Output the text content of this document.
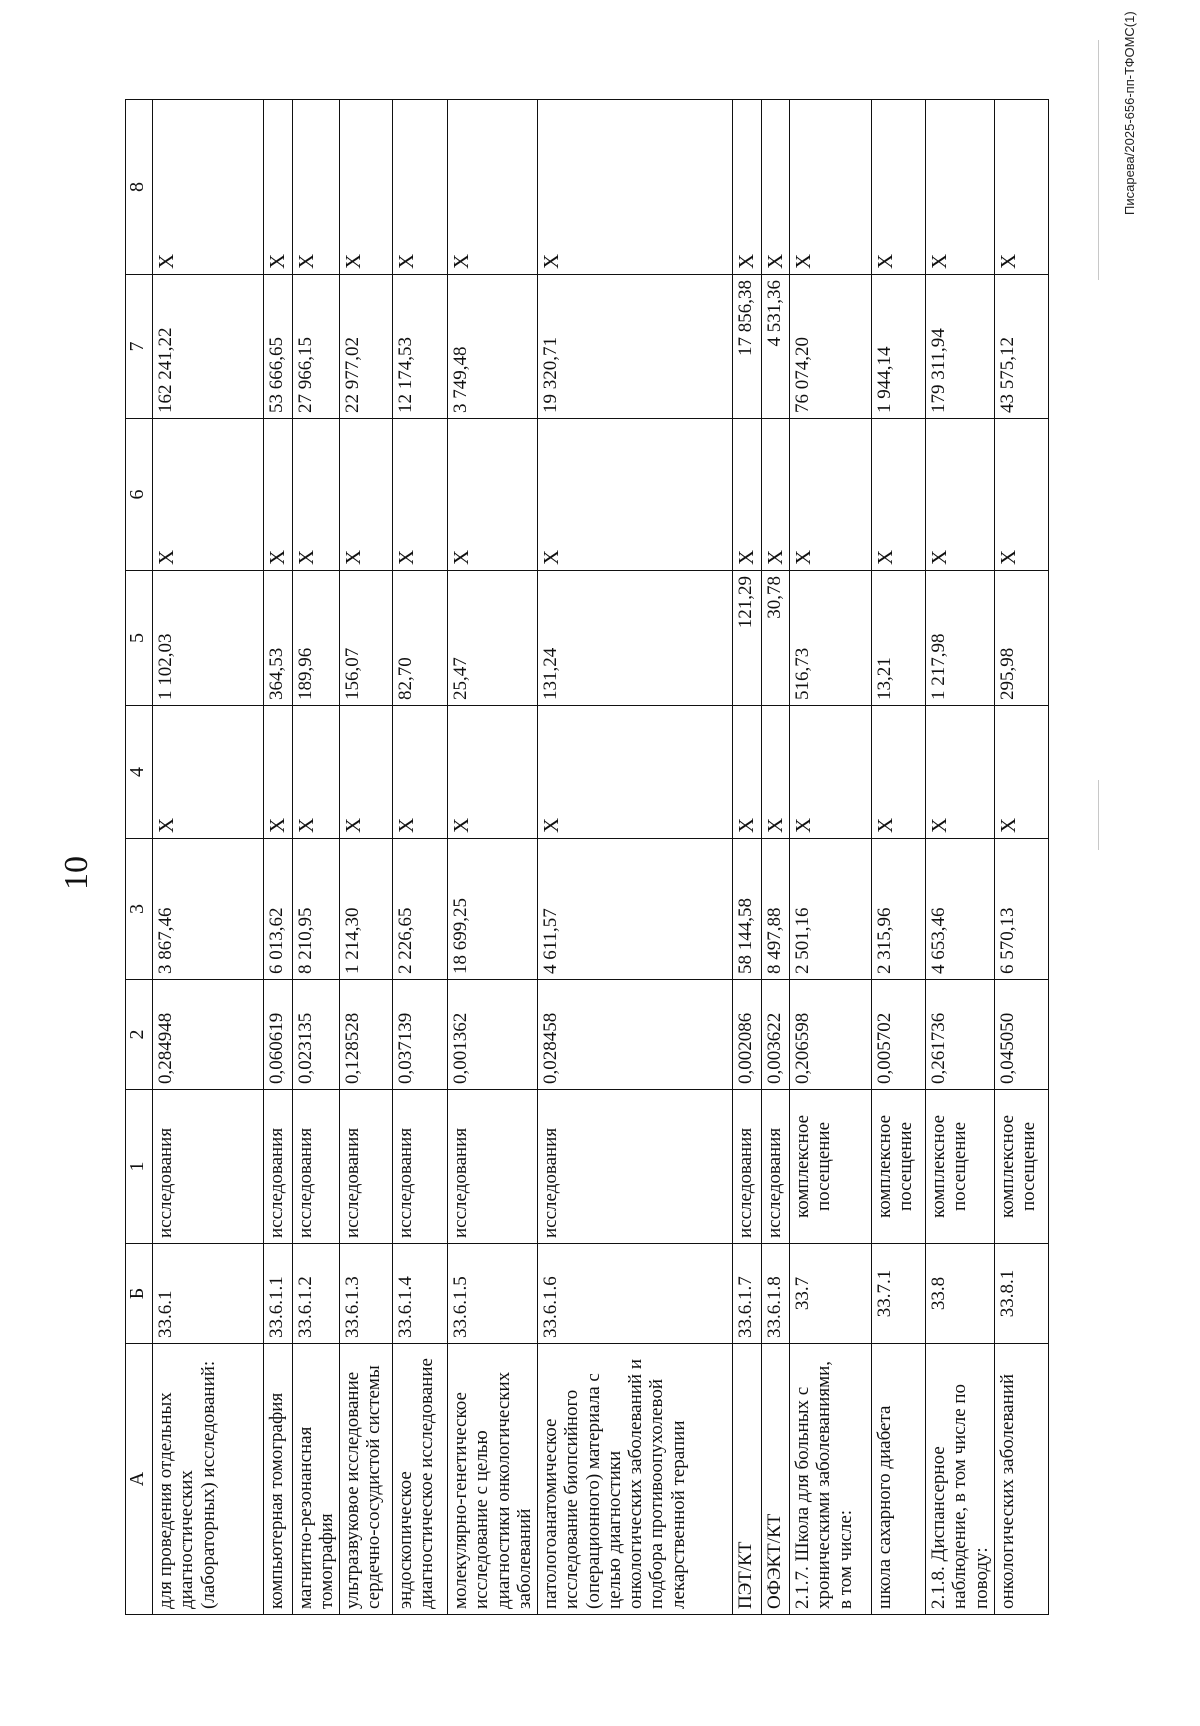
10
Писарева/2025-656-пп-ТФОМС(1)
А	Б	1	2	3	4	5	6	7	8
для проведения отдельных диагностических (лабораторных) исследований:	33.6.1	исследования	0,284948	3 867,46	Х	1 102,03	Х	162 241,22	Х
компьютерная томография	33.6.1.1	исследования	0,060619	6 013,62	Х	364,53	Х	53 666,65	Х
магнитно-резонансная томография	33.6.1.2	исследования	0,023135	8 210,95	Х	189,96	Х	27 966,15	Х
ультразвуковое исследование сердечно-сосудистой системы	33.6.1.3	исследования	0,128528	1 214,30	Х	156,07	Х	22 977,02	Х
эндоскопическое диагностическое исследование	33.6.1.4	исследования	0,037139	2 226,65	Х	82,70	Х	12 174,53	Х
молекулярно-генетическое исследование с целью диагностики онкологических заболеваний	33.6.1.5	исследования	0,001362	18 699,25	Х	25,47	Х	3 749,48	Х
патологоанатомическое исследование биопсийного (операционного) материала с целью диагностики онкологических заболеваний и подбора противоопухолевой лекарственной терапии	33.6.1.6	исследования	0,028458	4 611,57	Х	131,24	Х	19 320,71	Х
ПЭТ/КТ	33.6.1.7	исследования	0,002086	58 144,58	Х	121,29	Х	17 856,38	Х
ОФЭКТ/КТ	33.6.1.8	исследования	0,003622	8 497,88	Х	30,78	Х	4 531,36	Х
2.1.7. Школа для больных с хроническими заболеваниями, в том числе:	33.7	комплексное посещение	0,206598	2 501,16	Х	516,73	Х	76 074,20	Х
школа сахарного диабета	33.7.1	комплексное посещение	0,005702	2 315,96	Х	13,21	Х	1 944,14	Х
2.1.8. Диспансерное наблюдение, в том числе по поводу:	33.8	комплексное посещение	0,261736	4 653,46	Х	1 217,98	Х	179 311,94	Х
онкологических заболеваний	33.8.1	комплексное посещение	0,045050	6 570,13	Х	295,98	Х	43 575,12	Х
